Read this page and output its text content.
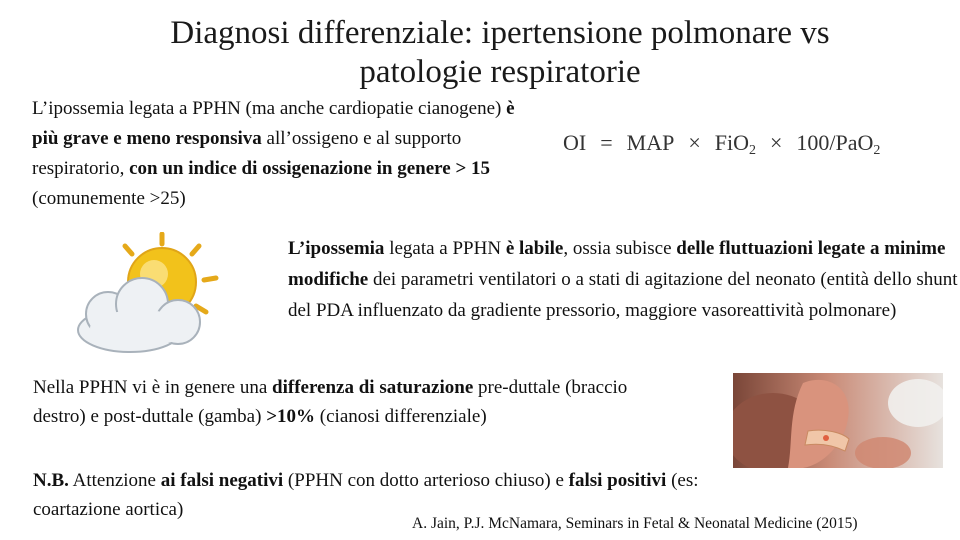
Diagnosi differenziale: ipertensione polmonare vs
patologie respiratorie
L’ipossemia legata a PPHN (ma anche cardiopatie cianogene) è più grave e meno responsiva all’ossigeno e al supporto respiratorio, con un indice di ossigenazione in genere > 15 (comunemente >25)
OI = MAP × FiO$_2$ × 100/PaO$_2$
L’ipossemia legata a PPHN è labile, ossia subisce delle fluttuazioni legate a minime modifiche dei parametri ventilatori o a stati di agitazione del neonato (entità dello shunt del PDA influenzato da gradiente pressorio, maggiore vasoreattività polmonare)
Nella PPHN vi è in genere una differenza di saturazione pre-duttale (braccio destro) e post-duttale (gamba) >10% (cianosi differenziale)
N.B. Attenzione ai falsi negativi (PPHN con dotto arterioso chiuso) e falsi positivi (es: coartazione aortica)
A. Jain, P.J. McNamara, Seminars in Fetal & Neonatal Medicine (2015)
